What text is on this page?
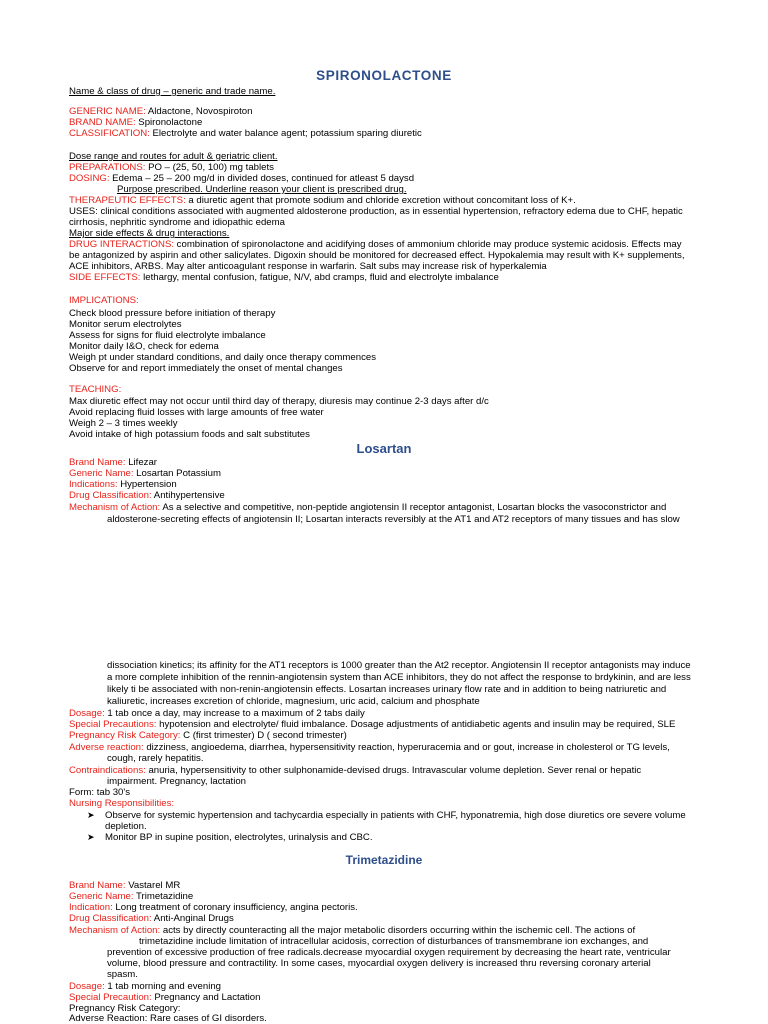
SPIRONOLACTONE
Name & class of drug – generic and trade name.
GENERIC NAME: Aldactone, Novospiroton
BRAND NAME: Spironolactone
CLASSIFICATION: Electrolyte and water balance agent; potassium sparing diuretic
Dose range and routes for adult & geriatric client.
PREPARATIONS: PO – (25, 50, 100) mg tablets
DOSING: Edema – 25 – 200 mg/d in divided doses, continued for atleast 5 daysd
Purpose prescribed. Underline reason your client is prescribed drug.
THERAPEUTIC EFFECTS: a diuretic agent that promote sodium and chloride excretion without concomitant loss of K+.
USES: clinical conditions associated with augmented aldosterone production, as in essential hypertension, refractory edema due to CHF, hepatic
cirrhosis, nephritic syndrome and idiopathic edema
Major side effects & drug interactions.
DRUG INTERACTIONS: combination of spironolactone and acidifying doses of ammonium chloride may produce systemic acidosis. Effects may
be antagonized by aspirin and other salicylates. Digoxin should be monitored for decreased effect. Hypokalemia may result with K+ supplements,
ACE inhibitors, ARBS. May alter anticoagulant response in warfarin. Salt subs may increase risk of hyperkalemia
SIDE EFFECTS: lethargy, mental confusion, fatigue, N/V, abd cramps, fluid and electrolyte imbalance
IMPLICATIONS:
Check blood pressure before initiation of therapy
Monitor serum electrolytes
Assess for signs for fluid electrolyte imbalance
Monitor daily I&O, check for edema
Weigh pt under standard conditions, and daily once therapy commences
Observe for and report immediately the onset of mental changes
TEACHING:
Max diuretic effect may not occur until third day of therapy, diuresis may continue 2-3 days after d/c
Avoid replacing fluid losses with large amounts of free water
Weigh 2 – 3 times weekly
Avoid intake of high potassium foods and salt substitutes
Losartan
Brand Name: Lifezar
Generic Name: Losartan Potassium
Indications: Hypertension
Drug Classification: Antihypertensive
Mechanism of Action: As a selective and competitive, non-peptide angiotensin II receptor antagonist, Losartan blocks the vasoconstrictor and
aldosterone-secreting effects of angiotensin II; Losartan interacts reversibly at the AT1 and AT2 receptors of many tissues and has slow
dissociation kinetics; its affinity for the AT1 receptors is 1000 greater than the At2 receptor. Angiotensin II receptor antagonists may induce
a more complete inhibition of the rennin-angiotensin system than ACE inhibitors, they do not affect the response to brdykinin, and are less
likely ti be associated with non-renin-angiotensin effects. Losartan increases urinary flow rate and in addition to being natriuretic and
kaliuretic, increases excretion of chloride, magnesium, uric acid, calcium and phosphate
Dosage: 1 tab once a day, may increase to a maximum of 2 tabs daily
Special Precautions: hypotension and electrolyte/ fluid imbalance. Dosage adjustments of antidiabetic agents and insulin may be required, SLE
Pregnancy Risk Category: C (first trimester) D ( second trimester)
Adverse reaction: dizziness, angioedema, diarrhea, hypersensitivity reaction, hyperuracemia and or gout, increase in cholesterol or TG levels,
cough, rarely hepatitis.
Contraindications: anuria, hypersensitivity to other sulphonamide-devised drugs. Intravascular volume depletion. Sever renal or hepatic
impairment. Pregnancy, lactation
Form: tab 30's
Nursing Responsibilities:
➤ Observe for systemic hypertension and tachycardia especially in patients with CHF, hyponatremia, high dose diuretics ore severe volume
depletion.
➤ Monitor BP in supine position, electrolytes, urinalysis and CBC.
Trimetazidine
Brand Name: Vastarel MR
Generic Name: Trimetazidine
Indication: Long treatment of coronary insufficiency, angina pectoris.
Drug Classification: Anti-Anginal Drugs
Mechanism of Action: acts by directly counteracting all the major metabolic disorders occurring within the ischemic cell. The actions of
trimetazidine include limitation of intracellular acidosis, correction of disturbances of transmembrane ion exchanges, and
prevention of excessive production of free radicals.decrease myocardial oxygen requirement by decreasing the heart rate, ventricular
volume, blood pressure and contractility. In some cases, myocardial oxygen delivery is increased thru reversing coronary arterial
spasm.
Dosage: 1 tab morning and evening
Special Precaution: Pregnancy and Lactation
Pregnancy Risk Category:
Adverse Reaction: Rare cases of GI disorders.
